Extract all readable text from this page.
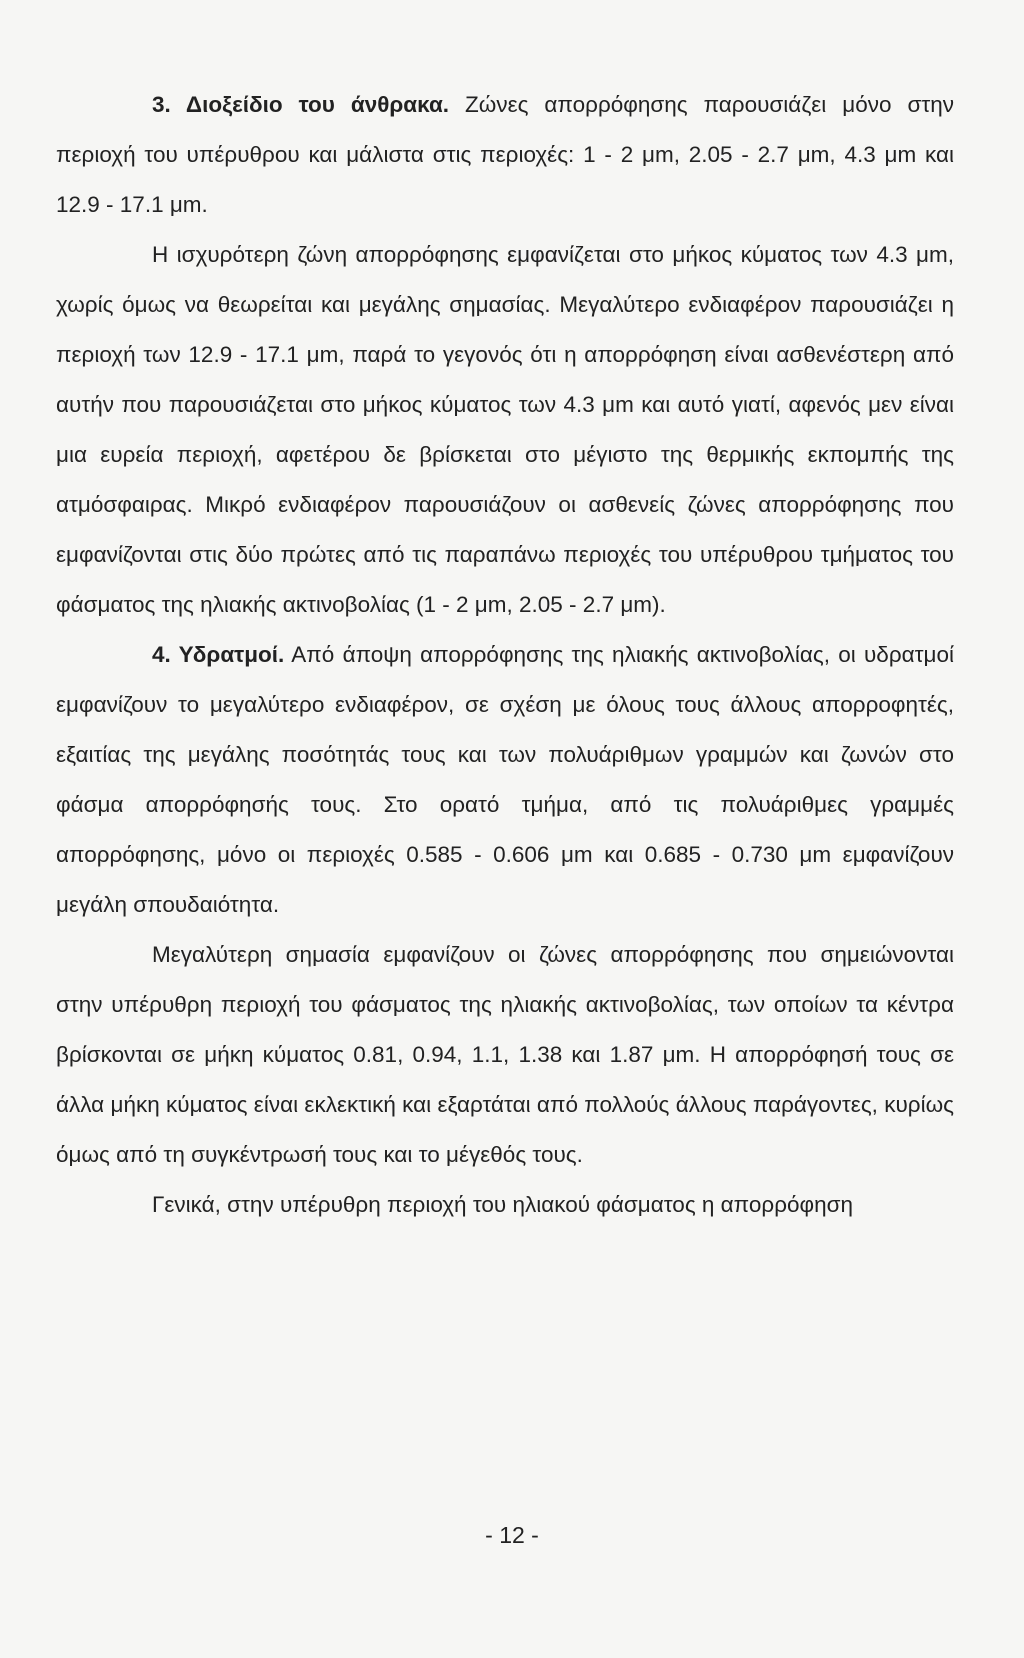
3. Διοξείδιο του άνθρακα. Ζώνες απορρόφησης παρουσιάζει μόνο στην περιοχή του υπέρυθρου και μάλιστα στις περιοχές: 1 - 2 μm, 2.05 - 2.7 μm, 4.3 μm και 12.9 - 17.1 μm.

Η ισχυρότερη ζώνη απορρόφησης εμφανίζεται στο μήκος κύματος των 4.3 μm, χωρίς όμως να θεωρείται και μεγάλης σημασίας. Μεγαλύτερο ενδιαφέρον παρουσιάζει η περιοχή των 12.9 - 17.1 μm, παρά το γεγονός ότι η απορρόφηση είναι ασθενέστερη από αυτήν που παρουσιάζεται στο μήκος κύματος των 4.3 μm και αυτό γιατί, αφενός μεν είναι μια ευρεία περιοχή, αφετέρου δε βρίσκεται στο μέγιστο της θερμικής εκπομπής της ατμόσφαιρας. Μικρό ενδιαφέρον παρουσιάζουν οι ασθενείς ζώνες απορρόφησης που εμφανίζονται στις δύο πρώτες από τις παραπάνω περιοχές του υπέρυθρου τμήματος του φάσματος της ηλιακής ακτινοβολίας (1 - 2 μm, 2.05 - 2.7 μm).

4. Υδρατμοί. Από άποψη απορρόφησης της ηλιακής ακτινοβολίας, οι υδρατμοί εμφανίζουν το μεγαλύτερο ενδιαφέρον, σε σχέση με όλους τους άλλους απορροφητές, εξαιτίας της μεγάλης ποσότητάς τους και των πολυάριθμων γραμμών και ζωνών στο φάσμα απορρόφησής τους. Στο ορατό τμήμα, από τις πολυάριθμες γραμμές απορρόφησης, μόνο οι περιοχές 0.585 - 0.606 μm και 0.685 - 0.730 μm εμφανίζουν μεγάλη σπουδαιότητα.

Μεγαλύτερη σημασία εμφανίζουν οι ζώνες απορρόφησης που σημειώνονται στην υπέρυθρη περιοχή του φάσματος της ηλιακής ακτινοβολίας, των οποίων τα κέντρα βρίσκονται σε μήκη κύματος 0.81, 0.94, 1.1, 1.38 και 1.87 μm. Η απορρόφησή τους σε άλλα μήκη κύματος είναι εκλεκτική και εξαρτάται από πολλούς άλλους παράγοντες, κυρίως όμως από τη συγκέντρωσή τους και το μέγεθός τους.

Γενικά, στην υπέρυθρη περιοχή του ηλιακού φάσματος η απορρόφηση

- 12 -
